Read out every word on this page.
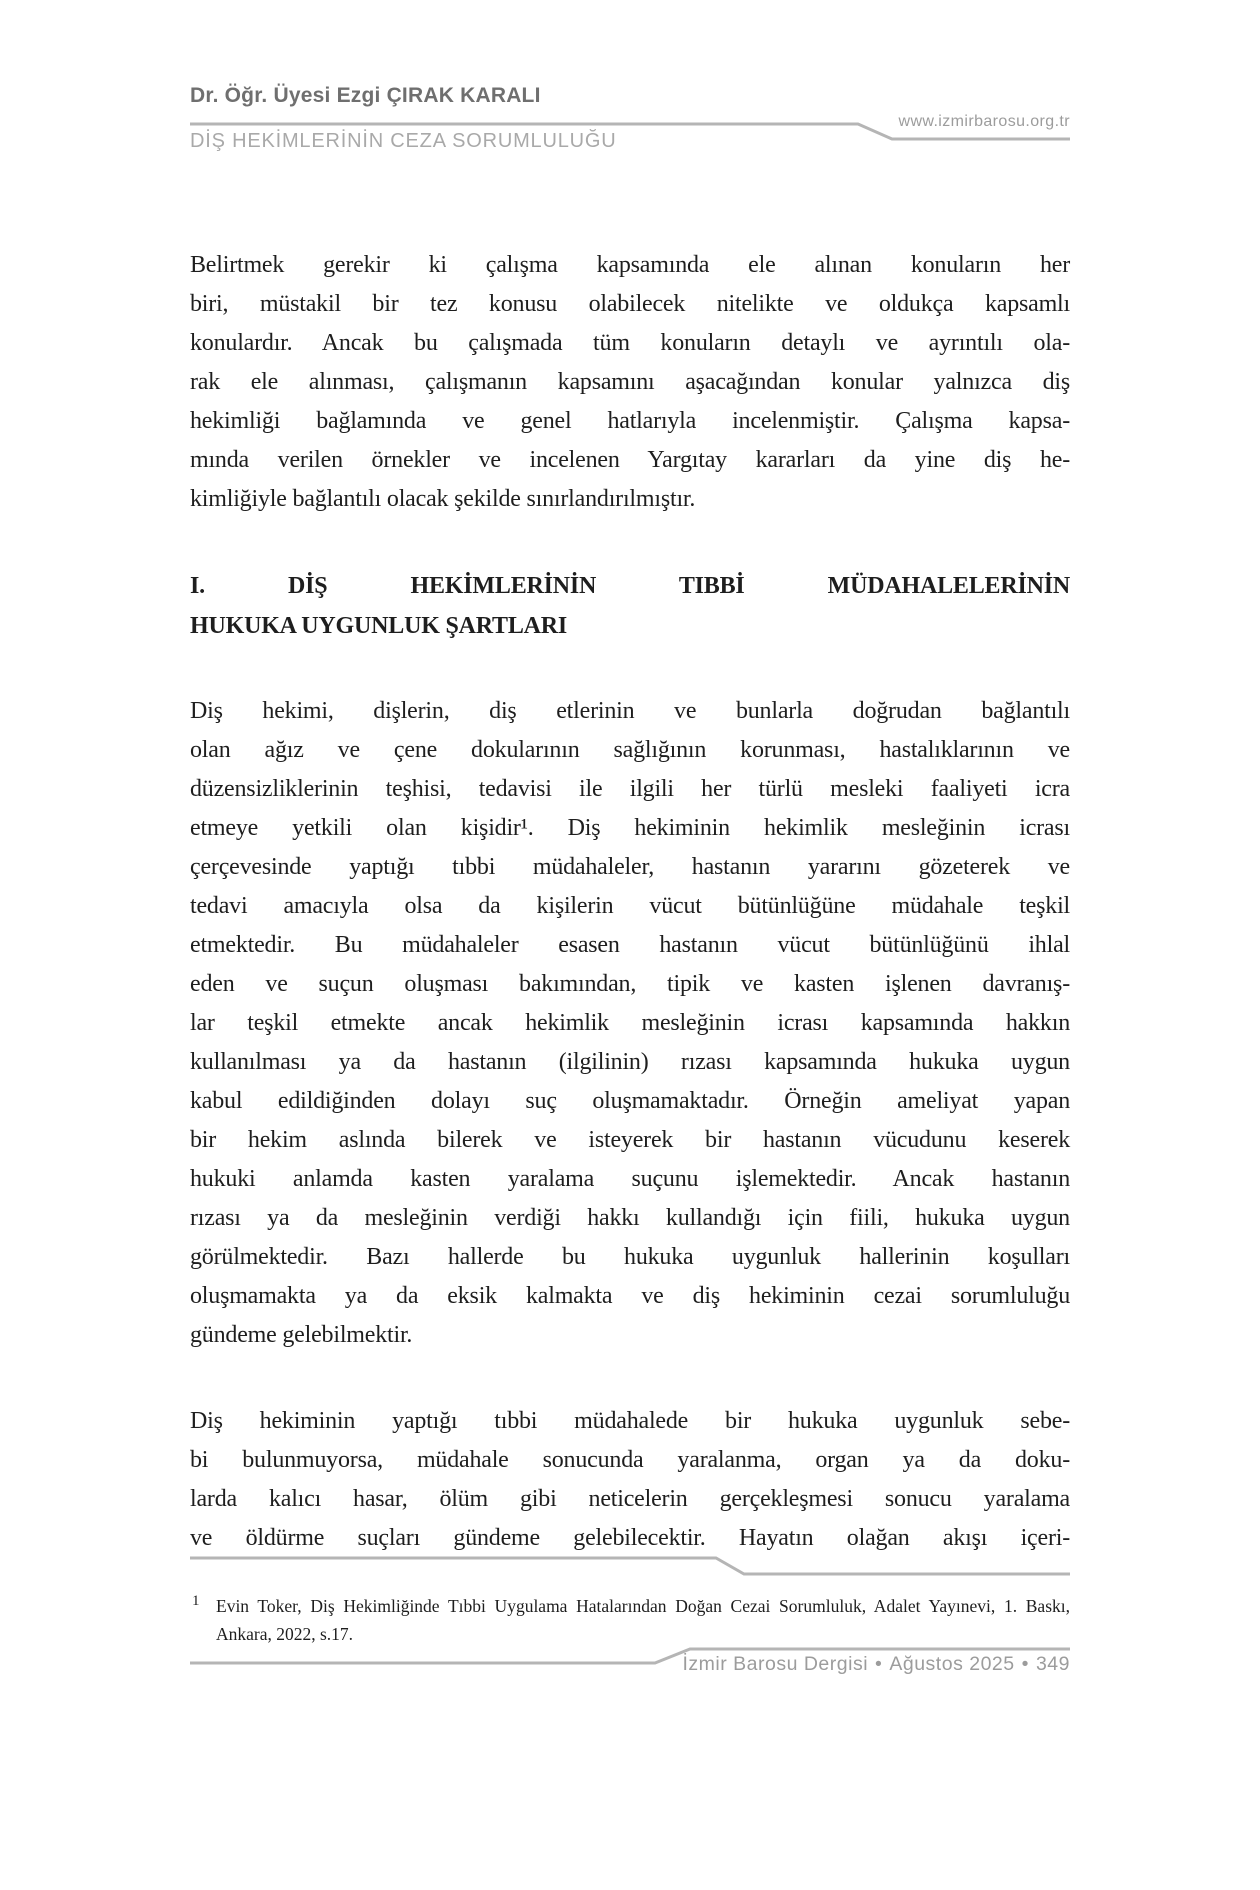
Dr. Öğr. Üyesi Ezgi ÇIRAK KARALI
DİŞ HEKİMLERİNİN CEZA SORUMLULUĞU
www.izmirbarosu.org.tr
Belirtmek gerekir ki çalışma kapsamında ele alınan konuların her
biri, müstakil bir tez konusu olabilecek nitelikte ve oldukça kapsamlı
konulardır. Ancak bu çalışmada tüm konuların detaylı ve ayrıntılı ola-
rak ele alınması, çalışmanın kapsamını aşacağından konular yalnızca diş
hekimliği bağlamında ve genel hatlarıyla incelenmiştir. Çalışma kapsa-
mında verilen örnekler ve incelenen Yargıtay kararları da yine diş he-
kimliğiyle bağlantılı olacak şekilde sınırlandırılmıştır.
I. DİŞ HEKİMLERİNİN TIBBİ MÜDAHALELERİNİN
HUKUKA UYGUNLUK ŞARTLARI
Diş hekimi, dişlerin, diş etlerinin ve bunlarla doğrudan bağlantılı
olan ağız ve çene dokularının sağlığının korunması, hastalıklarının ve
düzensizliklerinin teşhisi, tedavisi ile ilgili her türlü mesleki faaliyeti icra
etmeye yetkili olan kişidir¹. Diş hekiminin hekimlik mesleğinin icrası
çerçevesinde yaptığı tıbbi müdahaleler, hastanın yararını gözeterek ve
tedavi amacıyla olsa da kişilerin vücut bütünlüğüne müdahale teşkil
etmektedir. Bu müdahaleler esasen hastanın vücut bütünlüğünü ihlal
eden ve suçun oluşması bakımından, tipik ve kasten işlenen davranış-
lar teşkil etmekte ancak hekimlik mesleğinin icrası kapsamında hakkın
kullanılması ya da hastanın (ilgilinin) rızası kapsamında hukuka uygun
kabul edildiğinden dolayı suç oluşmamaktadır. Örneğin ameliyat yapan
bir hekim aslında bilerek ve isteyerek bir hastanın vücudunu keserek
hukuki anlamda kasten yaralama suçunu işlemektedir. Ancak hastanın
rızası ya da mesleğinin verdiği hakkı kullandığı için fiili, hukuka uygun
görülmektedir. Bazı hallerde bu hukuka uygunluk hallerinin koşulları
oluşmamakta ya da eksik kalmakta ve diş hekiminin cezai sorumluluğu
gündeme gelebilmektir.
Diş hekiminin yaptığı tıbbi müdahalede bir hukuka uygunluk sebe-
bi bulunmuyorsa, müdahale sonucunda yaralanma, organ ya da doku-
larda kalıcı hasar, ölüm gibi neticelerin gerçekleşmesi sonucu yaralama
ve öldürme suçları gündeme gelebilecektir. Hayatın olağan akışı içeri-
1 Evin Toker, Diş Hekimliğinde Tıbbi Uygulama Hatalarından Doğan Cezai Sorumluluk, Adalet Yayınevi, 1. Baskı, Ankara, 2022, s.17.
İzmir Barosu Dergisi • Ağustos 2025 • 349
